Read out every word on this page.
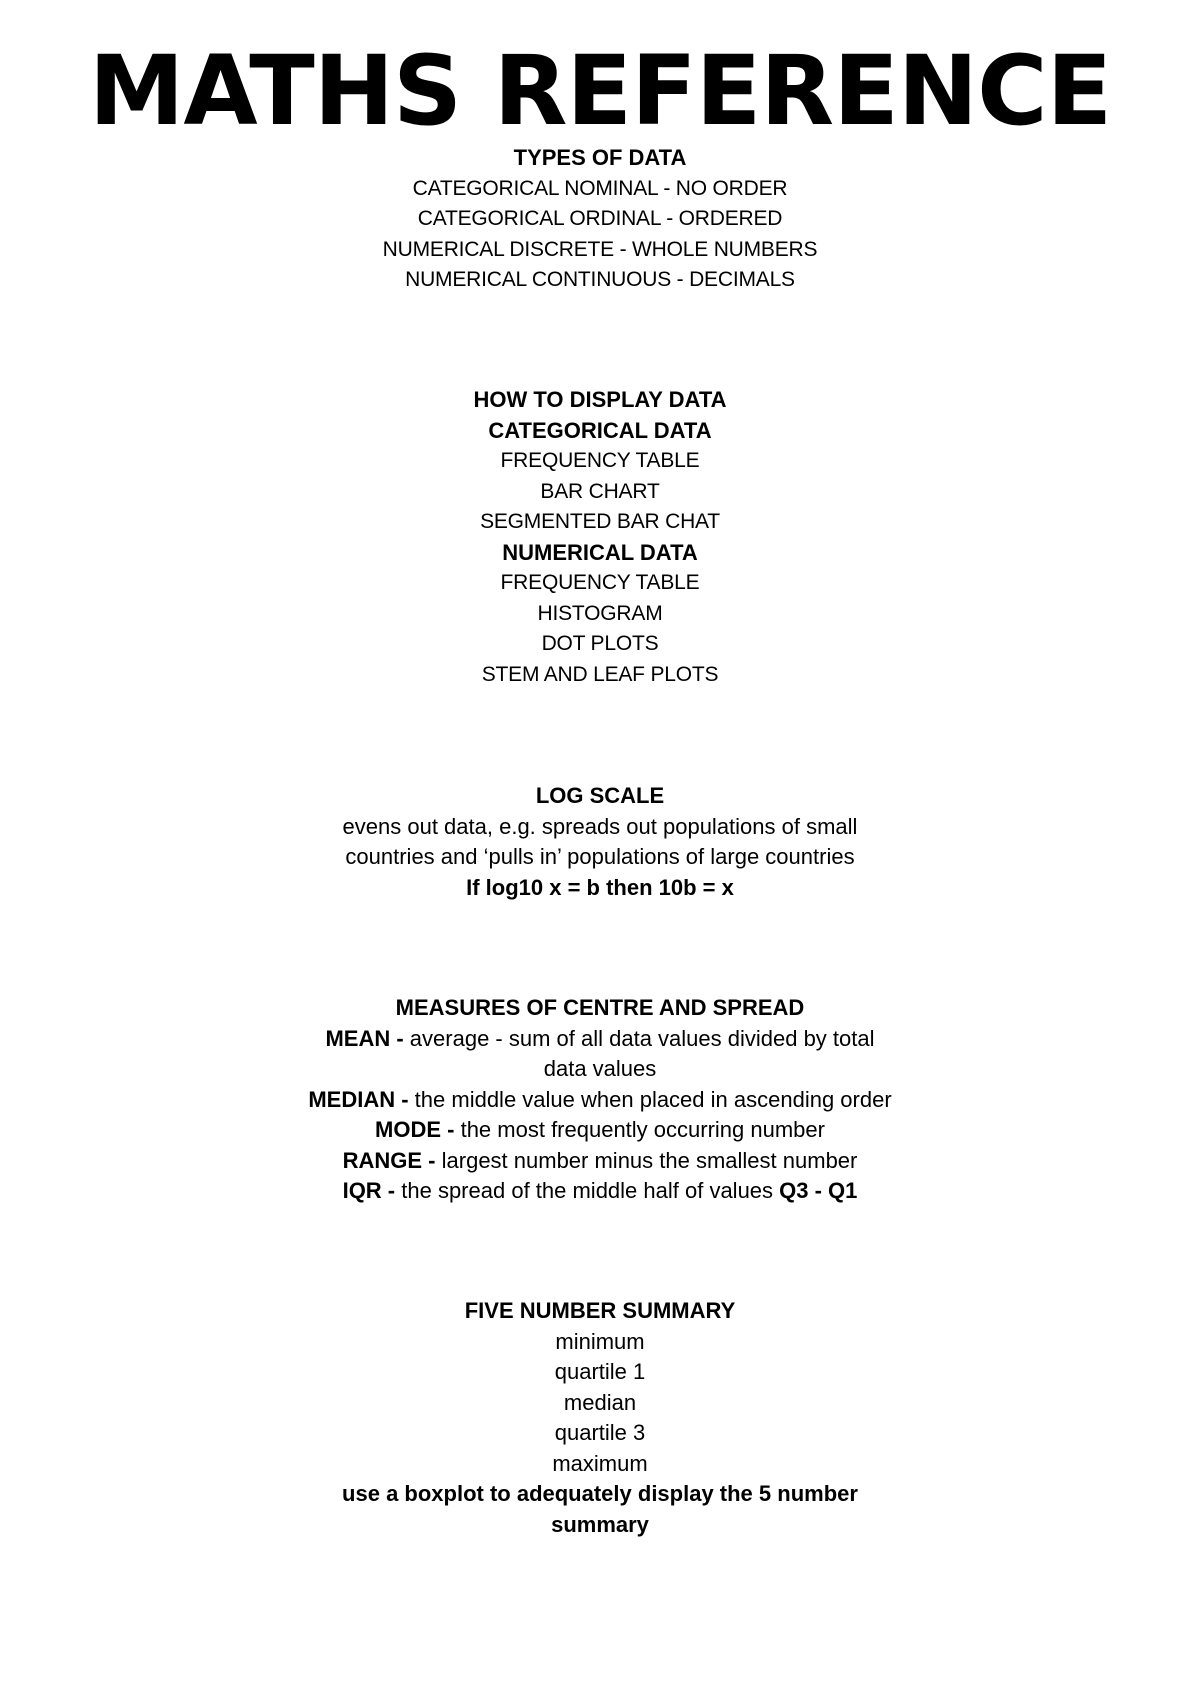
MATHS REFERENCE

TYPES OF DATA

CATEGORICAL NOMINAL - NO ORDER

CATEGORICAL ORDINAL - ORDERED

NUMERICAL DISCRETE - WHOLE NUMBERS

NUMERICAL CONTINUOUS - DECIMALS

HOW TO DISPLAY DATA

CATEGORICAL DATA

FREQUENCY TABLE

BAR CHART

SEGMENTED BAR CHAT

NUMERICAL DATA

FREQUENCY TABLE

HISTOGRAM

DOT PLOTS

STEM AND LEAF PLOTS

LOG SCALE

evens out data, e.g. spreads out populations of small

countries and ‘pulls in’ populations of large countries

If log10 x = b then 10b = x

MEASURES OF CENTRE AND SPREAD

MEAN - average - sum of all data values divided by total

data values

MEDIAN - the middle value when placed in ascending order

MODE - the most frequently occurring number

RANGE - largest number minus the smallest number

IQR - the spread of the middle half of values Q3 - Q1

FIVE NUMBER SUMMARY

minimum

quartile 1

median

quartile 3

maximum

use a boxplot to adequately display the 5 number

summary
